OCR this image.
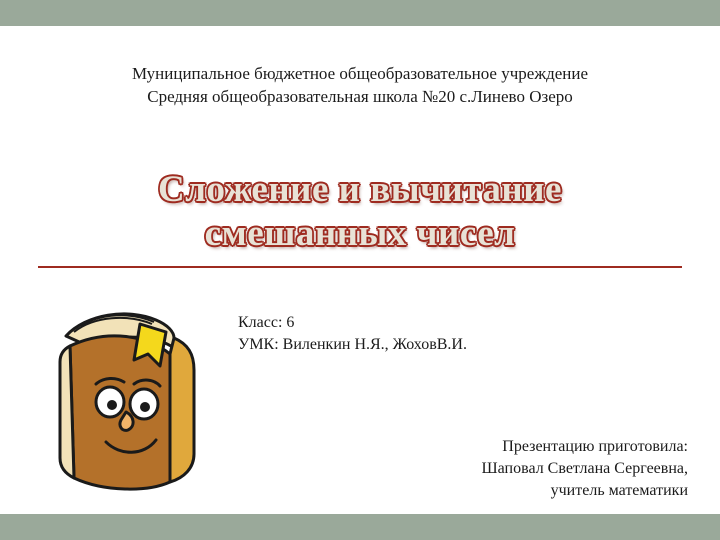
Муниципальное бюджетное общеобразовательное учреждение
Средняя общеобразовательная школа №20 с.Линево Озеро
Сложение и вычитание
смешанных чисел
Класс: 6
УМК: Виленкин Н.Я., ЖоховВ.И.
Презентацию приготовила:
Шаповал Светлана Сергеевна,
учитель математики
